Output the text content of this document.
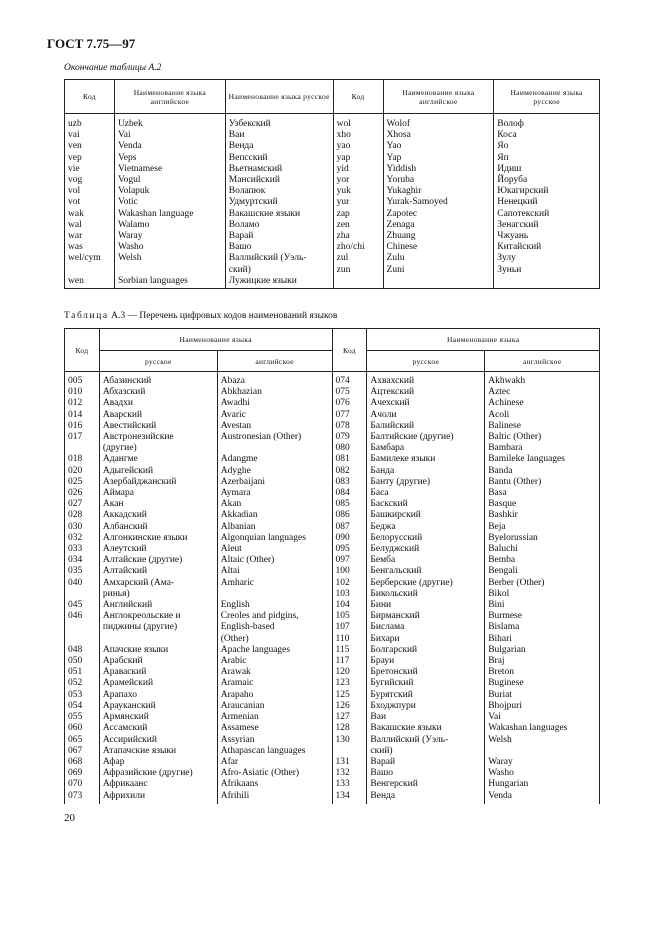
ГОСТ 7.75—97
Окончание таблицы А.2
Код	Наименование языка английское	Наименование языка русское	Код	Наименование языка английское	Наименование языка русское
uzb	Uzbek	Узбекский	wol	Wolof	Волоф
vai	Vai	Ваи	xho	Xhosa	Коса
ven	Venda	Венда	yao	Yao	Яо
vep	Veps	Вепсский	yap	Yap	Яп
vie	Vietnamese	Вьетнамский	yid	Yiddish	Идиш
vog	Vogul	Мансийский	yor	Yoruba	Йоруба
vol	Volapuk	Волапюк	yuk	Yukaghir	Юкагирский
vot	Votic	Удмуртский	yur	Yurak-Samoyed	Ненецкий
wak	Wakashan language	Вакашские языки	zap	Zapotec	Сапотекский
wal	Walamo	Воламо	zen	Zenaga	Зенагский
war	Waray	Варай	zha	Zhuang	Чжуань
was	Washo	Вашо	zho/chi	Chinese	Китайский
wel/cym	Welsh	Валлийский (Уэль-	zul	Zulu	Зулу
		ский)	zun	Zuni	Зуньи
wen	Sorbian languages	Лужицкие языки			
Таблица А.3 — Перечень цифровых кодов наименований языков
Код	Наименование языка		Код	Наименование языка	
	русское	английское		русское	английское
005	Абазинский	Abaza	074	Ахвахский	Akhwakh
010	Абхазский	Abkhazian	075	Ацтекский	Aztec
012	Авадхи	Awadhi	076	Ачехский	Achinese
014	Аварский	Avaric	077	Ачоли	Acoli
016	Авестийский	Avestan	078	Балийский	Balinese
017	Австронезийские	Austronesian (Other)	079	Балтийские (другие)	Baltic (Other)
	(другие)		080	Бамбара	Bambara
018	Адангме	Adangme	081	Бамилеке языки	Bamileke languages
020	Адыгейский	Adyghe	082	Банда	Banda
025	Азербайджанский	Azerbaijani	083	Банту (другие)	Bantu (Other)
026	Аймара	Aymara	084	Баса	Basa
027	Акан	Akan	085	Баскский	Basque
028	Аккадский	Akkadian	086	Башкирский	Bashkir
030	Албанский	Albanian	087	Беджа	Beja
032	Алгонкинские языки	Algonquian languages	090	Белорусский	Byelorussian
033	Алеутский	Aleut	095	Белуджский	Baluchi
034	Алтайские (другие)	Altaic (Other)	097	Бемба	Bemba
035	Алтайский	Altai	100	Бенгальский	Bengali
040	Амхарский (Ама-	Amharic	102	Берберские (другие)	Berber (Other)
	ринья)		103	Бикольский	Bikol
045	Английский	English	104	Бини	Bini
046	Англокреольские и	Creoles and pidgins,	105	Бирманский	Burmese
	пиджины (другие)	English-based	107	Бислама	Bislama
		(Other)	110	Бихари	Bihari
048	Апачские языки	Apache languages	115	Болгарский	Bulgarian
050	Арабский	Arabic	117	Брауи	Braj
051	Араваский	Arawak	120	Бретонский	Breton
052	Арамейский	Aramaic	123	Бугийский	Buginese
053	Арапахо	Arapaho	125	Бурятский	Buriat
054	Арауканский	Araucanian	126	Бходжпури	Bhojpuri
055	Армянский	Armenian	127	Ваи	Vai
060	Ассамский	Assamese	128	Вакашские языки	Wakashan languages
065	Ассирийский	Assyrian	130	Валлийский (Уэль-	Welsh
067	Атапачские языки	Athapascan languages		ский)	
068	Афар	Afar	131	Варай	Waray
069	Афразийские (другие)	Afro-Asiatic (Other)	132	Вашо	Washo
070	Африкаанс	Afrikaans	133	Венгерский	Hungarian
073	Африхили	Afrihili	134	Венда	Venda
20
